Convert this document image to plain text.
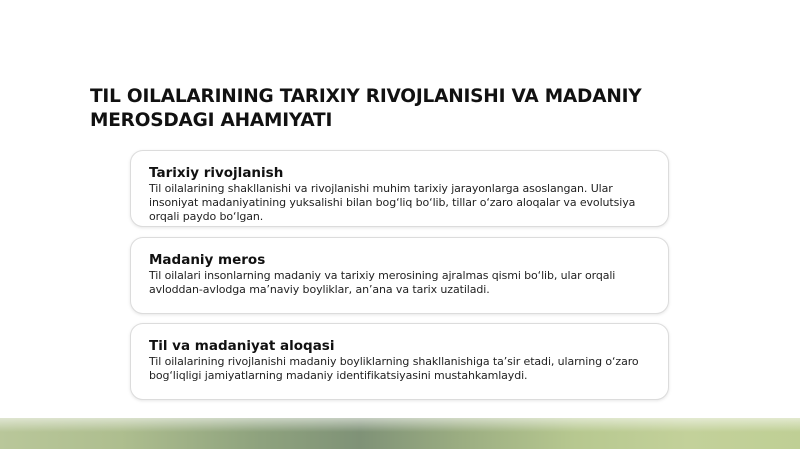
TIL OILALARINING TARIXIY RIVOJLANISHI VA MADANIY MEROSDAGI AHAMIYATI
Tarixiy rivojlanish

Til oilalarining shakllanishi va rivojlanishi muhim tarixiy jarayonlarga asoslangan. Ular insoniyat madaniyatining yuksalishi bilan bog‘liq bo‘lib, tillar o‘zaro aloqalar va evolutsiya orqali paydo bo‘lgan.

Madaniy meros

Til oilalari insonlarning madaniy va tarixiy merosining ajralmas qismi bo‘lib, ular orqali avloddan-avlodga ma’naviy boyliklar, an’ana va tarix uzatiladi.

Til va madaniyat aloqasi

Til oilalarining rivojlanishi madaniy boyliklarning shakllanishiga ta’sir etadi, ularning o‘zaro bog‘liqligi jamiyatlarning madaniy identifikatsiyasini mustahkamlaydi.
